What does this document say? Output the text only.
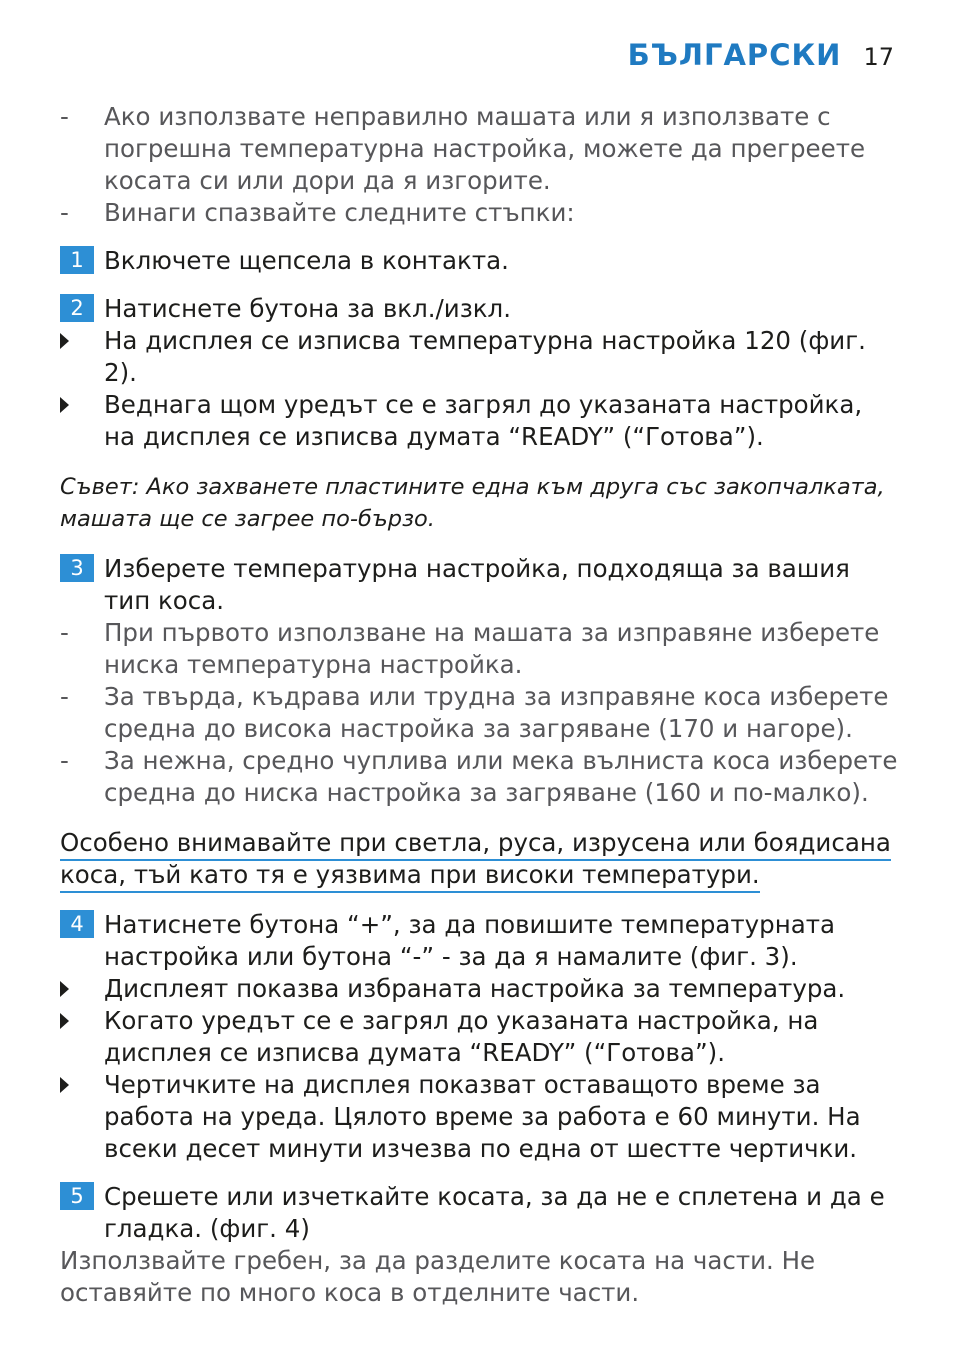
БЪЛГАРСКИ 17
-	Ако използвате неправилно машата или я използвате с погрешна температурна настройка, можете да прегреете косата си или дори да я изгорите.
-	Винаги спазвайте следните стъпки:
1 Включете щепсела в контакта.
2 Натиснете бутона за вкл./изкл.
На дисплея се изписва температурна настройка 120 (фиг. 2).
Веднага щом уредът се е загрял до указаната настройка, на дисплея се изписва думата “READY” (“Готова”).
Съвет: Ако захванете пластините една към друга със закопчалката, машата ще се загрее по-бързо.
3 Изберете температурна настройка, подходяща за вашия тип коса.
-	При първото използване на машата за изправяне изберете ниска температурна настройка.
-	За твърда, къдрава или трудна за изправяне коса изберете средна до висока настройка за загряване (170 и нагоре).
-	За нежна, средно чуплива или мека вълниста коса изберете средна до ниска настройка за загряване (160 и по-малко).
Особено внимавайте при светла, руса, изрусена или боядисана коса, тъй като тя е уязвима при високи температури.
4 Натиснете бутона “+”, за да повишите температурната настройка или бутона “-” - за да я намалите (фиг. 3).
Дисплеят показва избраната настройка за температура.
Когато уредът се е загрял до указаната настройка, на дисплея се изписва думата “READY” (“Готова”).
Чертичките на дисплея показват оставащото време за работа на уреда. Цялото време за работа е 60 минути. На всеки десет минути изчезва по една от шестте чертички.
5 Срешете или изчеткайте косата, за да не е сплетена и да е гладка. (фиг. 4)
Използвайте гребен, за да разделите косата на части. Не оставяйте по много коса в отделните части.
